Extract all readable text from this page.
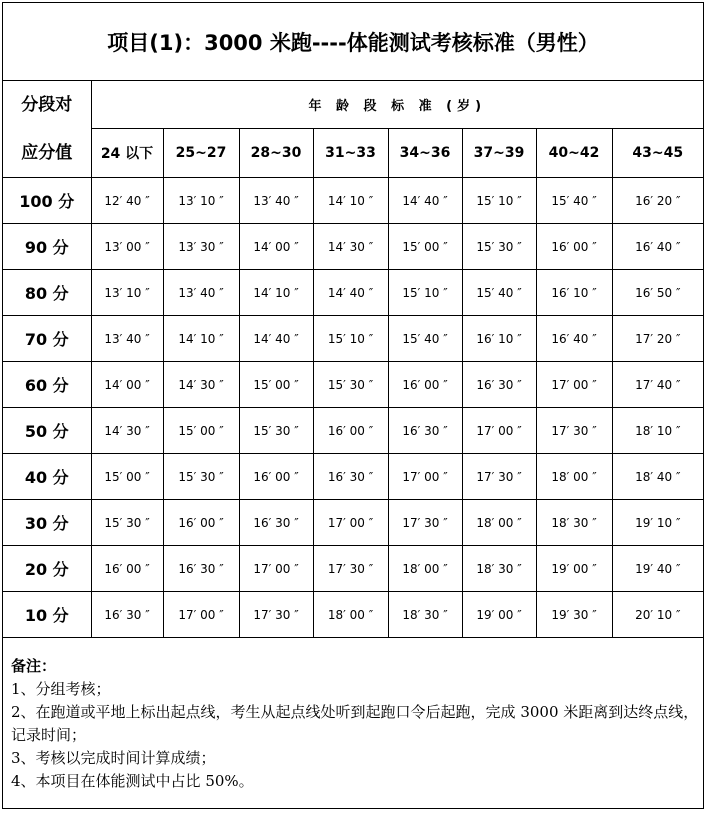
项目(1)：3000 米跑----体能测试考核标准（男性）
分段对
应分值	年 龄 段 标 准 (岁)							
	24 以下	25~27	28~30	31~33	34~36	37~39	40~42	43~45
100 分	12′ 40 ″	13′ 10 ″	13′ 40 ″	14′ 10 ″	14′ 40 ″	15′ 10 ″	15′ 40 ″	16′ 20 ″
90 分	13′ 00 ″	13′ 30 ″	14′ 00 ″	14′ 30 ″	15′ 00 ″	15′ 30 ″	16′ 00 ″	16′ 40 ″
80 分	13′ 10 ″	13′ 40 ″	14′ 10 ″	14′ 40 ″	15′ 10 ″	15′ 40 ″	16′ 10 ″	16′ 50 ″
70 分	13′ 40 ″	14′ 10 ″	14′ 40 ″	15′ 10 ″	15′ 40 ″	16′ 10 ″	16′ 40 ″	17′ 20 ″
60 分	14′ 00 ″	14′ 30 ″	15′ 00 ″	15′ 30 ″	16′ 00 ″	16′ 30 ″	17′ 00 ″	17′ 40 ″
50 分	14′ 30 ″	15′ 00 ″	15′ 30 ″	16′ 00 ″	16′ 30 ″	17′ 00 ″	17′ 30 ″	18′ 10 ″
40 分	15′ 00 ″	15′ 30 ″	16′ 00 ″	16′ 30 ″	17′ 00 ″	17′ 30 ″	18′ 00 ″	18′ 40 ″
30 分	15′ 30 ″	16′ 00 ″	16′ 30 ″	17′ 00 ″	17′ 30 ″	18′ 00 ″	18′ 30 ″	19′ 10 ″
20 分	16′ 00 ″	16′ 30 ″	17′ 00 ″	17′ 30 ″	18′ 00 ″	18′ 30 ″	19′ 00 ″	19′ 40 ″
10 分	16′ 30 ″	17′ 00 ″	17′ 30 ″	18′ 00 ″	18′ 30 ″	19′ 00 ″	19′ 30 ″	20′ 10 ″
备注：
1、分组考核；
2、在跑道或平地上标出起点线，考生从起点线处听到起跑口令后起跑，完成 3000 米距离到达终点线，记录时间；
3、考核以完成时间计算成绩；
4、本项目在体能测试中占比 50%。
